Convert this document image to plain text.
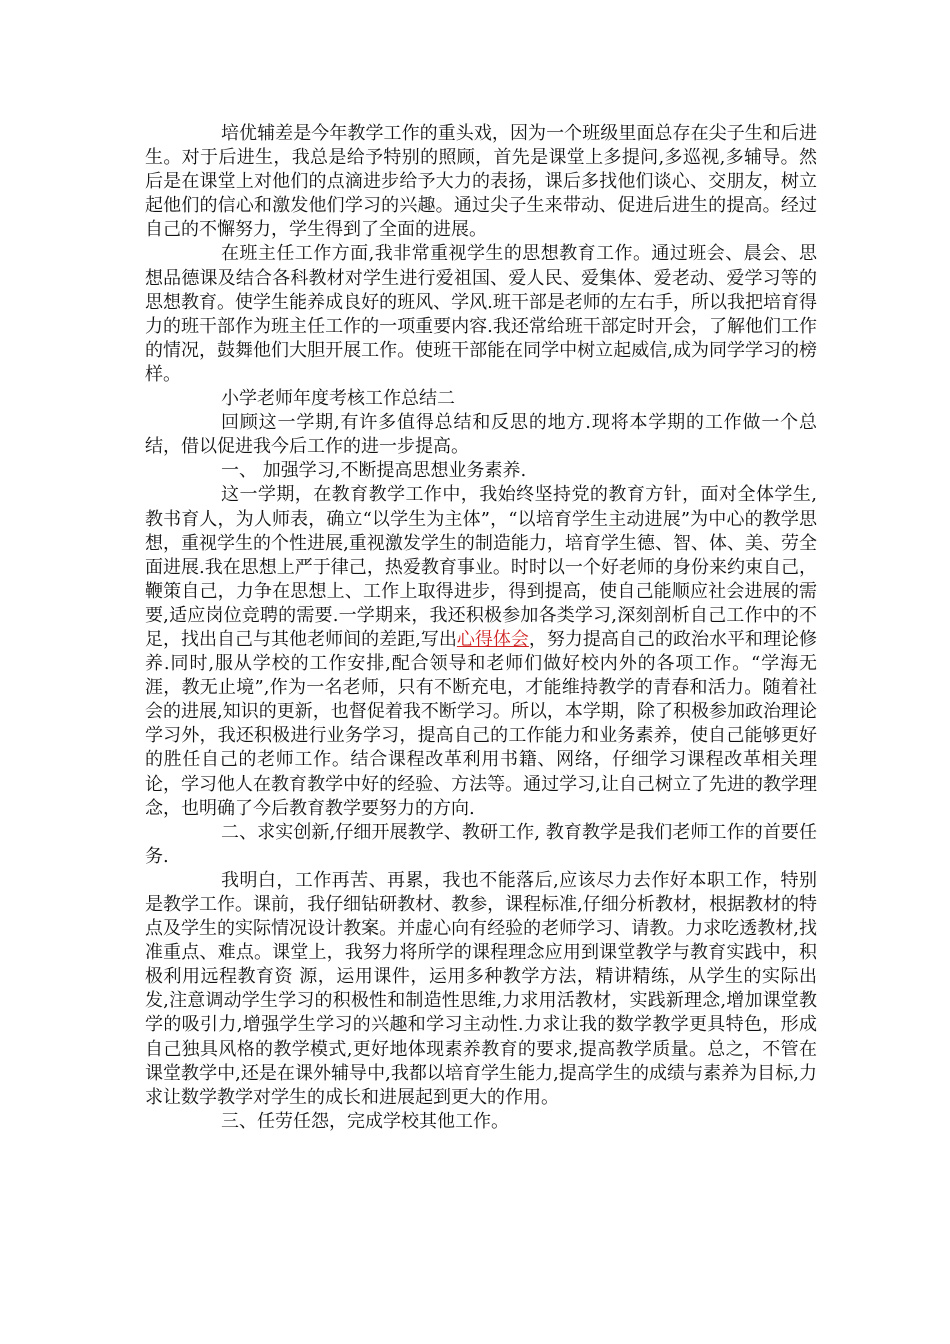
培优辅差是今年教学工作的重头戏，因为一个班级里面总存在尖子生和后进生。对于后进生，我总是给予特别的照顾，首先是课堂上多提问,多巡视,多辅导。然后是在课堂上对他们的点滴进步给予大力的表扬，课后多找他们谈心、交朋友，树立起他们的信心和激发他们学习的兴趣。通过尖子生来带动、促进后进生的提高。经过自己的不懈努力，学生得到了全面的进展。

在班主任工作方面,我非常重视学生的思想教育工作。通过班会、晨会、思想品德课及结合各科教材对学生进行爱祖国、爱人民、爱集体、爱老动、爱学习等的思想教育。使学生能养成良好的班风、学风.班干部是老师的左右手，所以我把培育得力的班干部作为班主任工作的一项重要内容.我还常给班干部定时开会，了解他们工作的情况，鼓舞他们大胆开展工作。使班干部能在同学中树立起威信,成为同学学习的榜样。

小学老师年度考核工作总结二

回顾这一学期,有许多值得总结和反思的地方.现将本学期的工作做一个总结，借以促进我今后工作的进一步提高。

一、 加强学习,不断提高思想业务素养.

这一学期，在教育教学工作中，我始终坚持党的教育方针，面对全体学生,教书育人，为人师表，确立“以学生为主体”，“以培育学生主动进展”为中心的教学思想，重视学生的个性进展,重视激发学生的制造能力，培育学生德、智、体、美、劳全面进展.我在思想上严于律己，热爱教育事业。时时以一个好老师的身份来约束自己，鞭策自己，力争在思想上、工作上取得进步，得到提高，使自己能顺应社会进展的需要,适应岗位竞聘的需要.一学期来，我还积极参加各类学习,深刻剖析自己工作中的不足，找出自己与其他老师间的差距,写出心得体会，努力提高自己的政治水平和理论修养.同时,服从学校的工作安排,配合领导和老师们做好校内外的各项工作。“学海无涯，教无止境”,作为一名老师，只有不断充电，才能维持教学的青春和活力。随着社会的进展,知识的更新，也督促着我不断学习。所以，本学期，除了积极参加政治理论学习外，我还积极进行业务学习，提高自己的工作能力和业务素养，使自己能够更好的胜任自己的老师工作。结合课程改革利用书籍、网络，仔细学习课程改革相关理论，学习他人在教育教学中好的经验、方法等。通过学习,让自己树立了先进的教学理念，也明确了今后教育教学要努力的方向.

二、求实创新,仔细开展教学、教研工作, 教育教学是我们老师工作的首要任务.

我明白，工作再苦、再累，我也不能落后,应该尽力去作好本职工作，特别是教学工作。课前，我仔细钻研教材、教参，课程标准,仔细分析教材，根据教材的特点及学生的实际情况设计教案。并虚心向有经验的老师学习、请教。力求吃透教材,找准重点、难点。课堂上，我努力将所学的课程理念应用到课堂教学与教育实践中，积极利用远程教育资 源，运用课件，运用多种教学方法，精讲精练，从学生的实际出发,注意调动学生学习的积极性和制造性思维,力求用活教材，实践新理念,增加课堂教学的吸引力,增强学生学习的兴趣和学习主动性.力求让我的数学教学更具特色，形成自己独具风格的教学模式,更好地体现素养教育的要求,提高教学质量。总之，不管在课堂教学中,还是在课外辅导中,我都以培育学生能力,提高学生的成绩与素养为目标,力求让数学教学对学生的成长和进展起到更大的作用。

三、任劳任怨，完成学校其他工作。
